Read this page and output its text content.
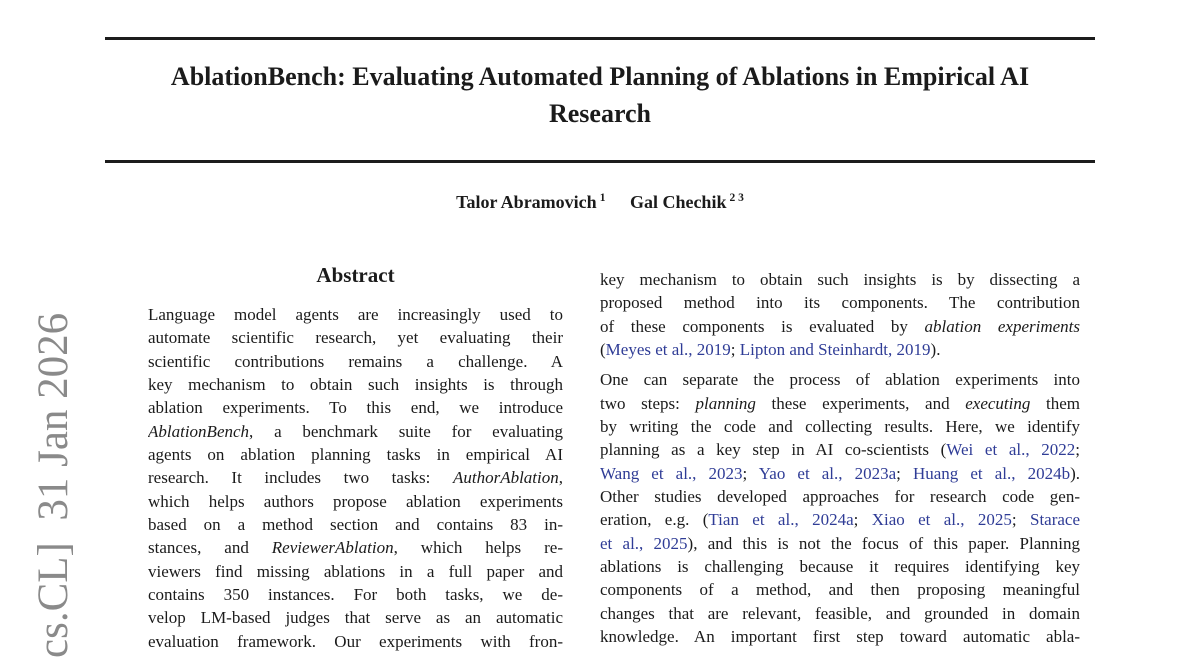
cs.CL]  31 Jan 2026
AblationBench: Evaluating Automated Planning of Ablations in Empirical AI
Research
Talor Abramovich $^1$ Gal Chechik $^{2 3}$
Abstract
Language model agents are increasingly used to
automate scientific research, yet evaluating their
scientific contributions remains a challenge. A
key mechanism to obtain such insights is through
ablation experiments. To this end, we introduce
AblationBench, a benchmark suite for evaluating
agents on ablation planning tasks in empirical AI
research. It includes two tasks: AuthorAblation,
which helps authors propose ablation experiments
based on a method section and contains 83 in-
stances, and ReviewerAblation, which helps re-
viewers find missing ablations in a full paper and
contains 350 instances. For both tasks, we de-
velop LM-based judges that serve as an automatic
evaluation framework. Our experiments with fron-
key mechanism to obtain such insights is by dissecting a
proposed method into its components. The contribution
of these components is evaluated by ablation experiments
(Meyes et al., 2019; Lipton and Steinhardt, 2019).
One can separate the process of ablation experiments into
two steps: planning these experiments, and executing them
by writing the code and collecting results. Here, we identify
planning as a key step in AI co-scientists (Wei et al., 2022;
Wang et al., 2023; Yao et al., 2023a; Huang et al., 2024b).
Other studies developed approaches for research code gen-
eration, e.g. (Tian et al., 2024a; Xiao et al., 2025; Starace
et al., 2025), and this is not the focus of this paper. Planning
ablations is challenging because it requires identifying key
components of a method, and then proposing meaningful
changes that are relevant, feasible, and grounded in domain
knowledge. An important first step toward automatic abla-
